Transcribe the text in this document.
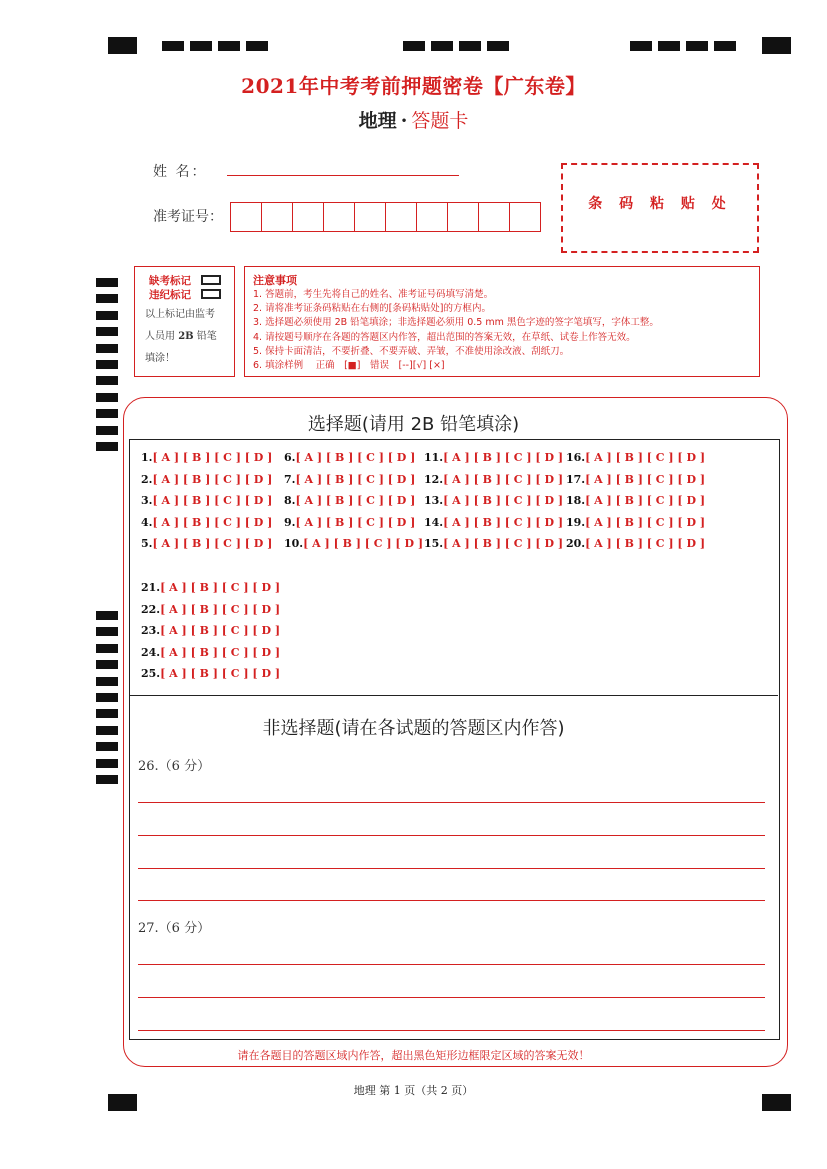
2021年中考考前押题密卷【广东卷】
地理 · 答题卡
姓 名：
准考证号：
条 码 粘 贴 处
缺考标记
违纪标记
以上标记由监考
人员用 2B 铅笔
填涂！
注意事项
1. 答题前，考生先将自己的姓名、准考证号码填写清楚。
2. 请将准考证条码粘贴在右侧的[条码粘贴处]的方框内。
3. 选择题必须使用 2B 铅笔填涂；非选择题必须用 0.5 mm 黑色字迹的签字笔填写，字体工整。
4. 请按题号顺序在各题的答题区内作答，超出范围的答案无效，在草纸、试卷上作答无效。
5. 保持卡面清洁，不要折叠、不要弄破、弄皱，不准使用涂改液、刮纸刀。
6. 填涂样例　 正确　[■]　错误　[--][√] [×]
选择题(请用 2B 铅笔填涂)
1.[ A ] [ B ] [ C ] [ D ]
2.[ A ] [ B ] [ C ] [ D ]
3.[ A ] [ B ] [ C ] [ D ]
4.[ A ] [ B ] [ C ] [ D ]
5.[ A ] [ B ] [ C ] [ D ]
6.[ A ] [ B ] [ C ] [ D ]
7.[ A ] [ B ] [ C ] [ D ]
8.[ A ] [ B ] [ C ] [ D ]
9.[ A ] [ B ] [ C ] [ D ]
10.[ A ] [ B ] [ C ] [ D ]
11.[ A ] [ B ] [ C ] [ D ]
12.[ A ] [ B ] [ C ] [ D ]
13.[ A ] [ B ] [ C ] [ D ]
14.[ A ] [ B ] [ C ] [ D ]
15.[ A ] [ B ] [ C ] [ D ]
16.[ A ] [ B ] [ C ] [ D ]
17.[ A ] [ B ] [ C ] [ D ]
18.[ A ] [ B ] [ C ] [ D ]
19.[ A ] [ B ] [ C ] [ D ]
20.[ A ] [ B ] [ C ] [ D ]
21.[ A ] [ B ] [ C ] [ D ]
22.[ A ] [ B ] [ C ] [ D ]
23.[ A ] [ B ] [ C ] [ D ]
24.[ A ] [ B ] [ C ] [ D ]
25.[ A ] [ B ] [ C ] [ D ]
非选择题(请在各试题的答题区内作答)
26.（6 分）
27.（6 分）
请在各题目的答题区域内作答，超出黑色矩形边框限定区域的答案无效！
地理 第 1 页（共 2 页）
